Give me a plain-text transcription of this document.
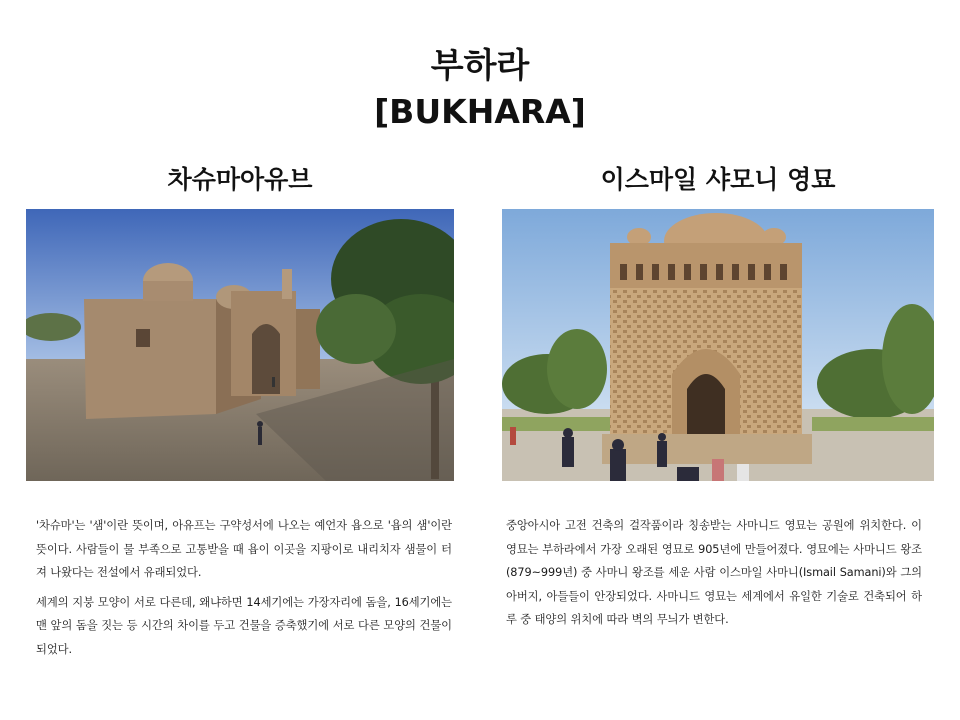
부하라
[BUKHARA]
차슈마아유브	이스마일 샤모니 영묘

'차슈마'는 '샘'이란 뜻이며, 아유프는 구약성서에 나오는 예언자 욥으로 '욥의 샘'이란 뜻이다. 사람들이 물 부족으로 고통받을 때 욥이 이곳을 지팡이로 내리치자 샘물이 터져 나왔다는 전설에서 유래되었다.

세계의 지붕 모양이 서로 다른데, 왜냐하면 14세기에는 가장자리에 돔을, 16세기에는 맨 앞의 돔을 짓는 등 시간의 차이를 두고 건물을 증축했기에 서로 다른 모양의 건물이 되었다.

중앙아시아 고전 건축의 걸작품이라 칭송받는 사마니드 영묘는 공원에 위치한다. 이 영묘는 부하라에서 가장 오래된 영묘로 905년에 만들어졌다. 영묘에는 사마니드 왕조(879~999년) 중 사마니 왕조를 세운 사람 이스마일 사마니(Ismail Samani)와 그의 아버지, 아들들이 안장되었다. 사마니드 영묘는 세계에서 유일한 기술로 건축되어 하루 중 태양의 위치에 따라 벽의 무늬가 변한다.
